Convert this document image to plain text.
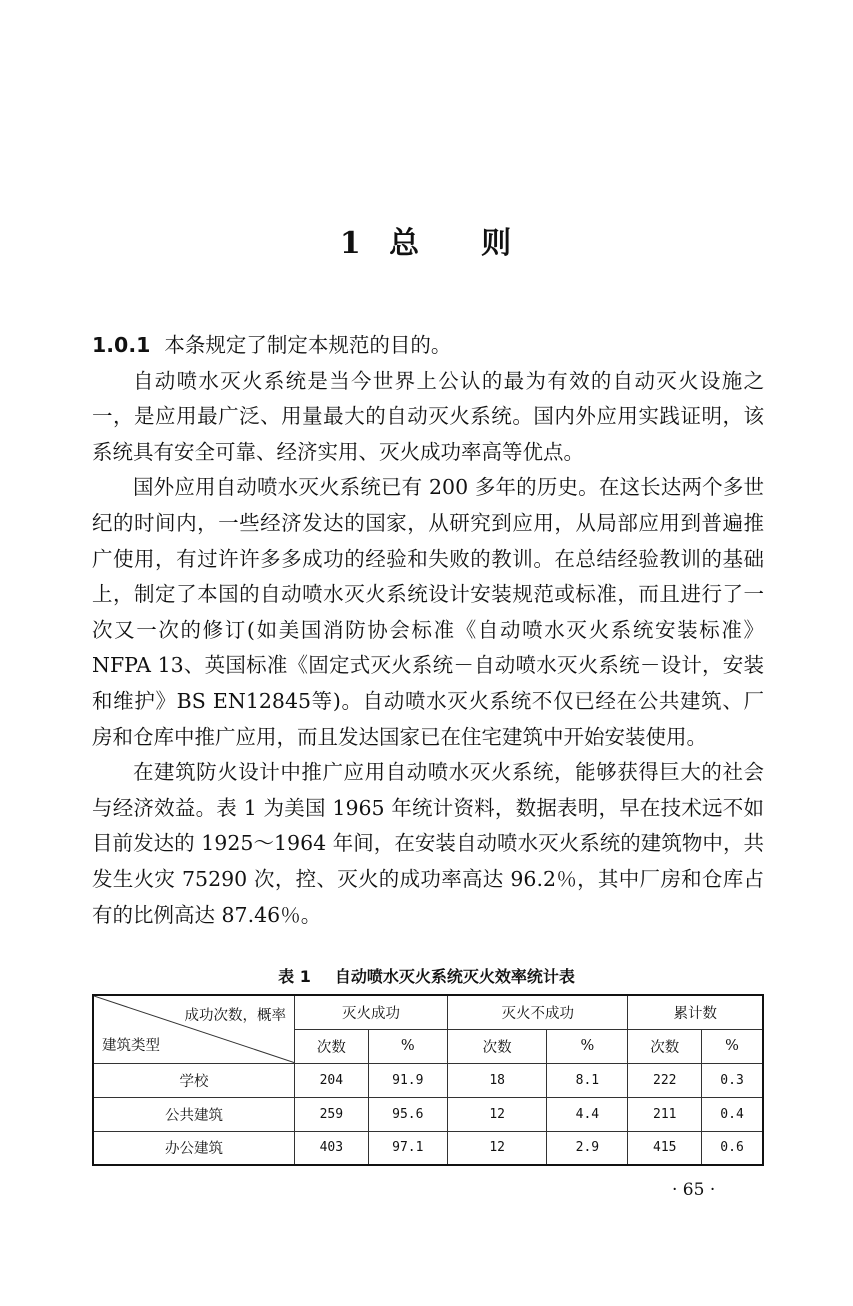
1 总 则

1.0.1 本条规定了制定本规范的目的。

自动喷水灭火系统是当今世界上公认的最为有效的自动灭火设施之一，是应用最广泛、用量最大的自动灭火系统。国内外应用实践证明，该系统具有安全可靠、经济实用、灭火成功率高等优点。

国外应用自动喷水灭火系统已有 200 多年的历史。在这长达两个多世纪的时间内，一些经济发达的国家，从研究到应用，从局部应用到普遍推广使用，有过许许多多成功的经验和失败的教训。在总结经验教训的基础上，制定了本国的自动喷水灭火系统设计安装规范或标准，而且进行了一次又一次的修订(如美国消防协会标准《自动喷水灭火系统安装标准》NFPA 13、英国标准《固定式灭火系统－自动喷水灭火系统－设计，安装和维护》BS EN12845等)。自动喷水灭火系统不仅已经在公共建筑、厂房和仓库中推广应用，而且发达国家已在住宅建筑中开始安装使用。

在建筑防火设计中推广应用自动喷水灭火系统，能够获得巨大的社会与经济效益。表 1 为美国 1965 年统计资料，数据表明，早在技术远不如目前发达的 1925～1964 年间，在安装自动喷水灭火系统的建筑物中，共发生火灾 75290 次，控、灭火的成功率高达 96.2％，其中厂房和仓库占有的比例高达 87.46％。

表 1 自动喷水灭火系统灭火效率统计表
成功次数，概率
建筑类型	灭火成功		灭火不成功		累计数	
	次数	%	次数	%	次数	%
学校	204	91.9	18	8.1	222	0.3
公共建筑	259	95.6	12	4.4	211	0.4
办公建筑	403	97.1	12	2.9	415	0.6
· 65 ·
